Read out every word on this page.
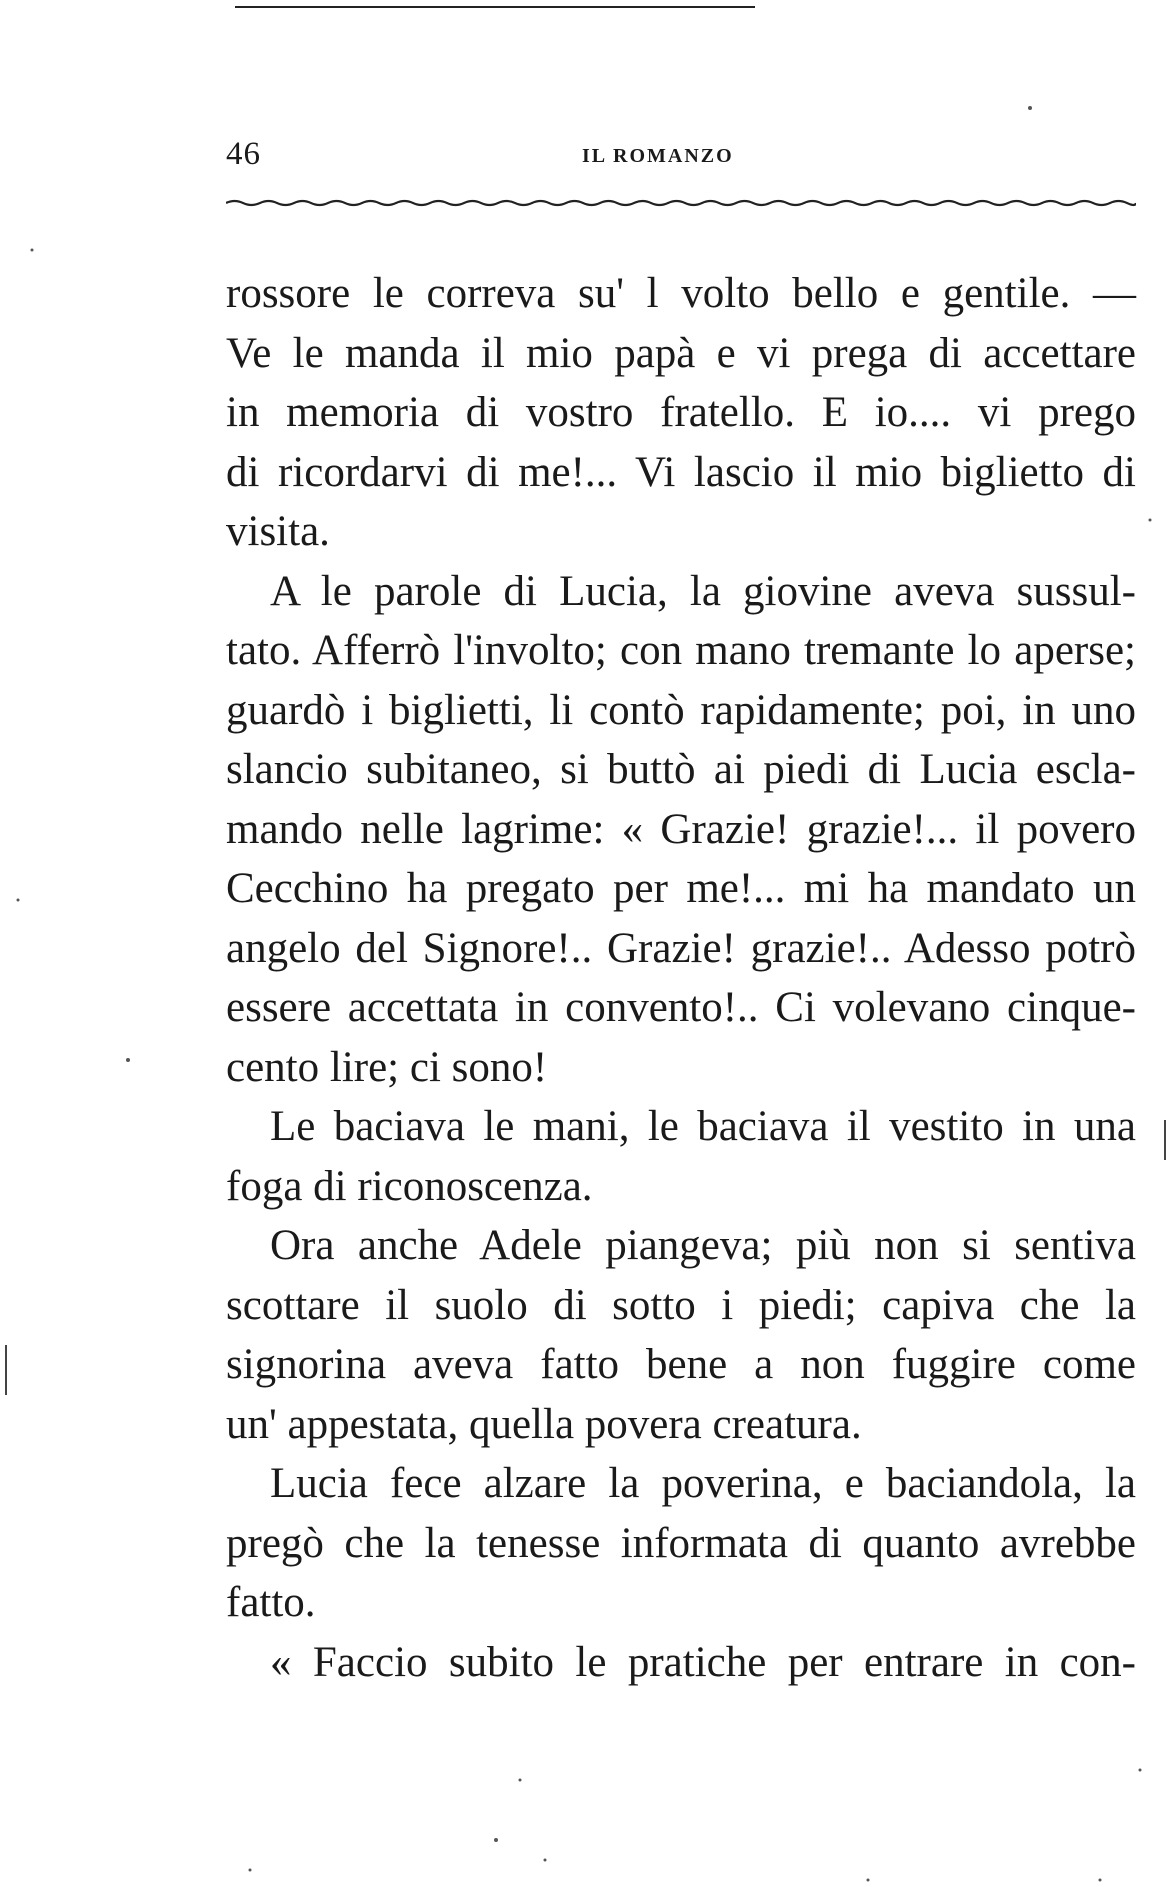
46	IL ROMANZO
rossore le correva su' l volto bello e gentile. —
Ve le manda il mio papà e vi prega di accettare
in memoria di vostro fratello. E io.... vi prego
di ricordarvi di me!... Vi lascio il mio biglietto di
visita.
A le parole di Lucia, la giovine aveva sussul-
tato. Afferrò l'involto; con mano tremante lo aperse;
guardò i biglietti, li contò rapidamente; poi, in uno
slancio subitaneo, si buttò ai piedi di Lucia escla-
mando nelle lagrime: « Grazie! grazie!... il povero
Cecchino ha pregato per me!... mi ha mandato un
angelo del Signore!.. Grazie! grazie!.. Adesso potrò
essere accettata in convento!.. Ci volevano cinque-
cento lire; ci sono!
Le baciava le mani, le baciava il vestito in una
foga di riconoscenza.
Ora anche Adele piangeva; più non si sentiva
scottare il suolo di sotto i piedi; capiva che la
signorina aveva fatto bene a non fuggire come
un' appestata, quella povera creatura.
Lucia fece alzare la poverina, e baciandola, la
pregò che la tenesse informata di quanto avrebbe
fatto.
« Faccio subito le pratiche per entrare in con-
